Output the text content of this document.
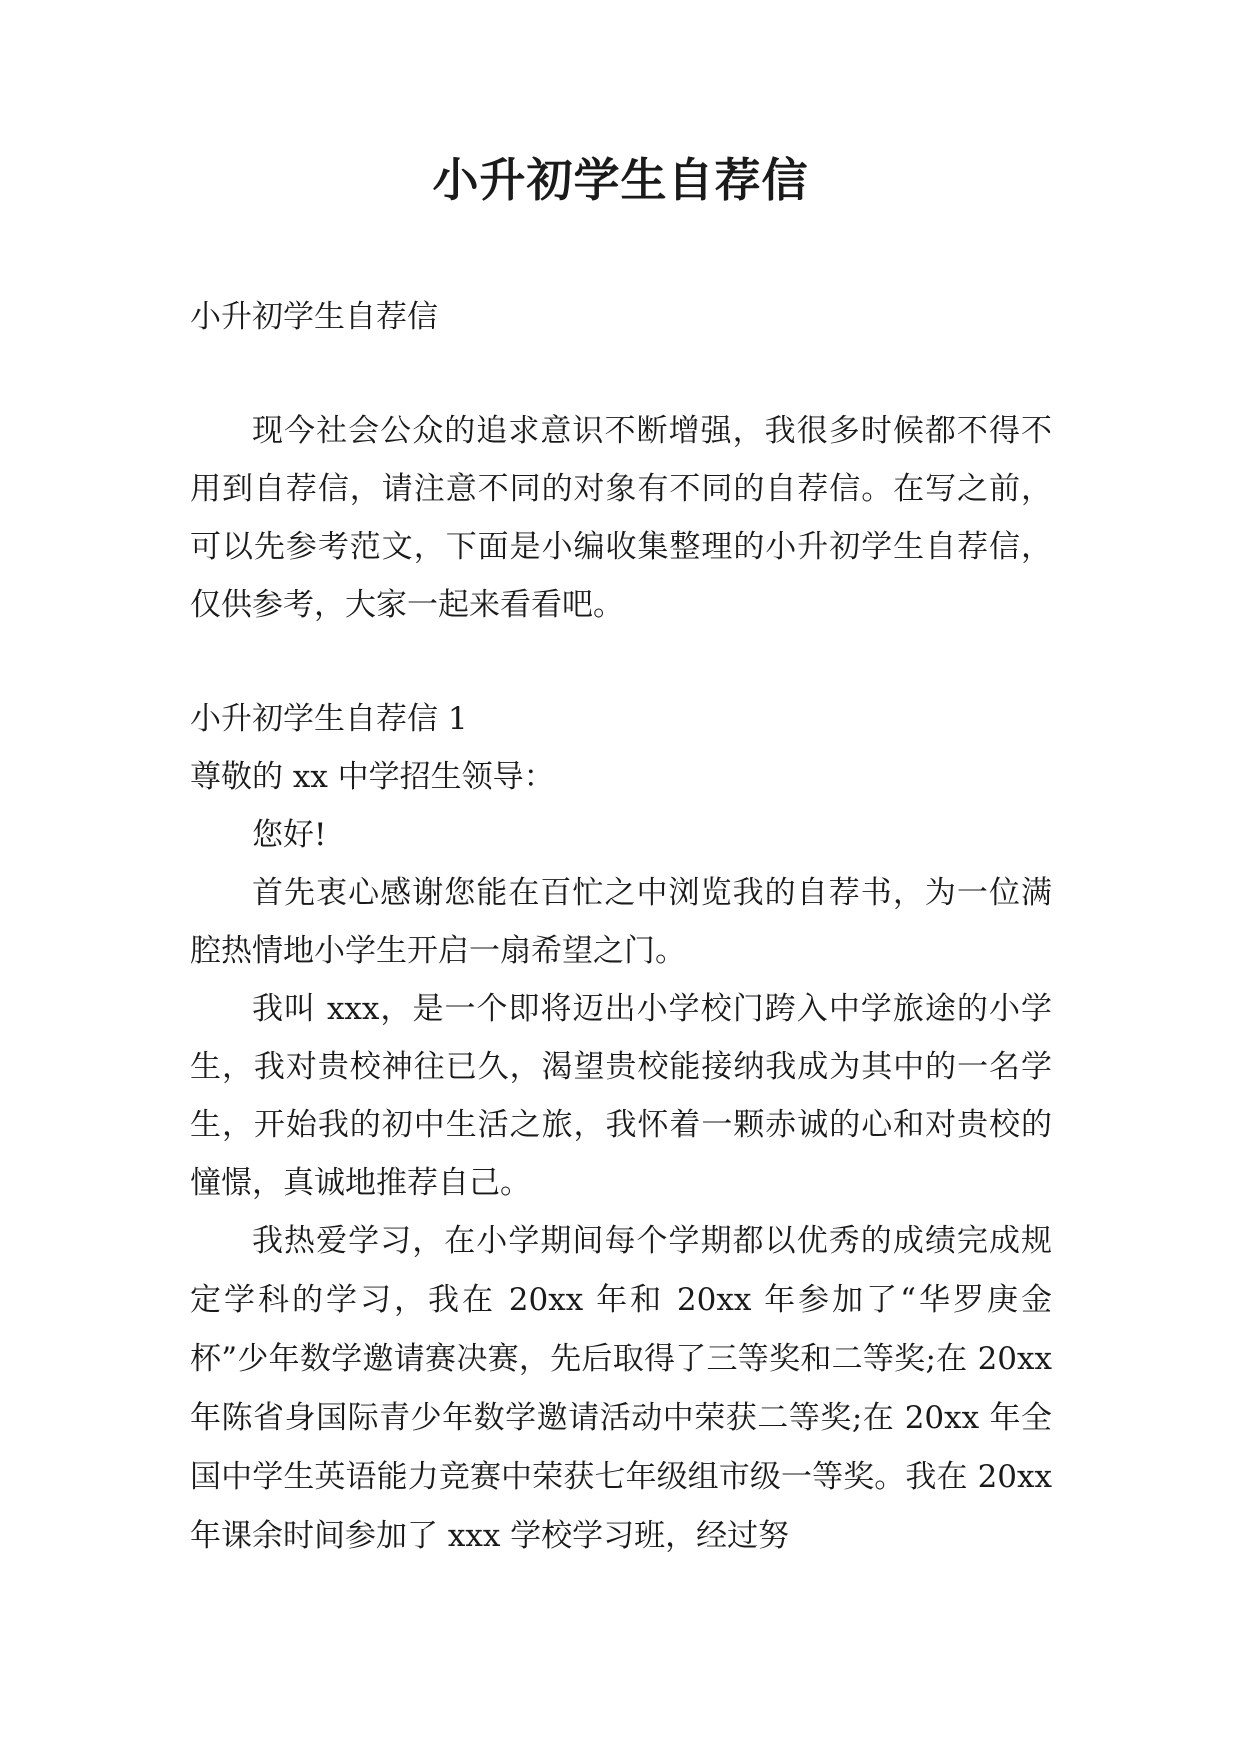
小升初学生自荐信

小升初学生自荐信

现今社会公众的追求意识不断增强，我很多时候都不得不用到自荐信，请注意不同的对象有不同的自荐信。在写之前，可以先参考范文，下面是小编收集整理的小升初学生自荐信，仅供参考，大家一起来看看吧。

小升初学生自荐信 1

尊敬的 xx 中学招生领导：

您好!

首先衷心感谢您能在百忙之中浏览我的自荐书，为一位满腔热情地小学生开启一扇希望之门。

我叫 xxx，是一个即将迈出小学校门跨入中学旅途的小学生，我对贵校神往已久，渴望贵校能接纳我成为其中的一名学生，开始我的初中生活之旅，我怀着一颗赤诚的心和对贵校的憧憬，真诚地推荐自己。

我热爱学习，在小学期间每个学期都以优秀的成绩完成规定学科的学习，我在 20xx 年和 20xx 年参加了“华罗庚金杯”少年数学邀请赛决赛，先后取得了三等奖和二等奖;在 20xx 年陈省身国际青少年数学邀请活动中荣获二等奖;在 20xx 年全国中学生英语能力竞赛中荣获七年级组市级一等奖。我在 20xx 年课余时间参加了 xxx 学校学习班，经过努
